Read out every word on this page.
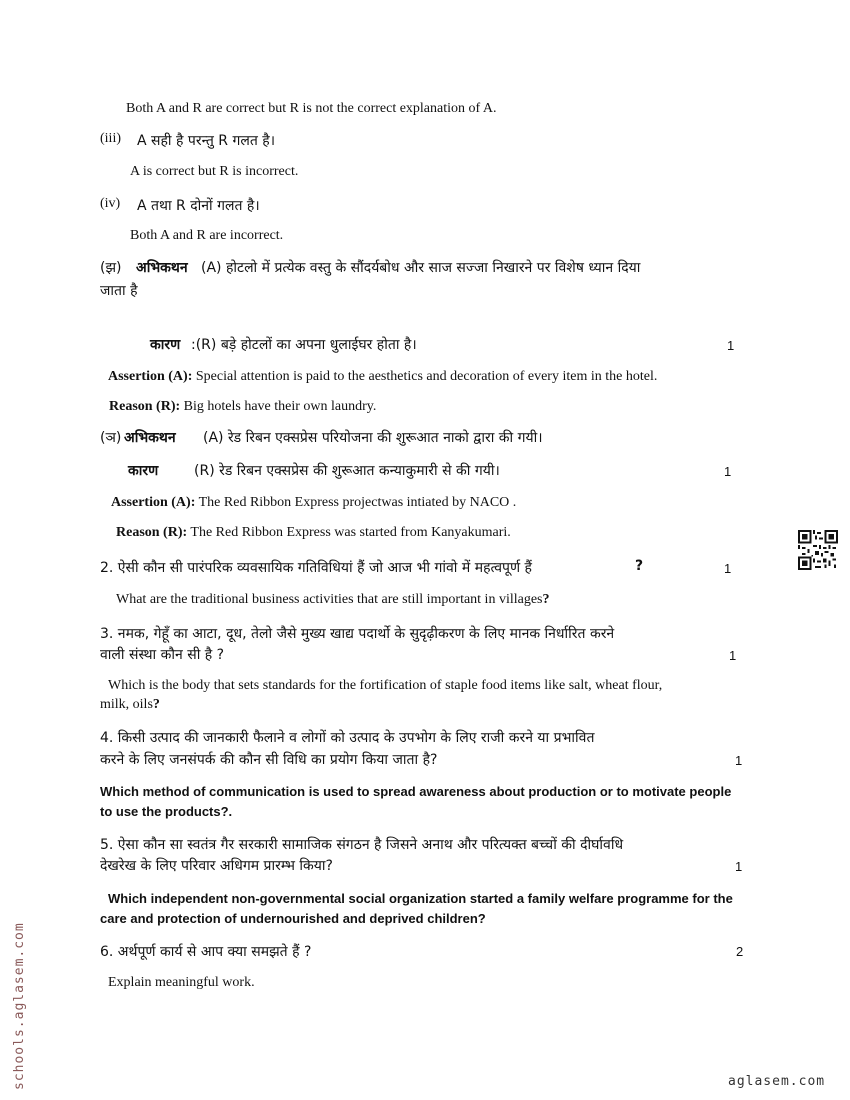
Both A and R are correct but R is not the correct explanation of A.
(iii) A सही है परन्तु R गलत है।
A is correct but R is incorrect.
(iv) A तथा R दोनों गलत है।
Both A and R are incorrect.
(झ) अभिकथन (A) होटलो में प्रत्येक वस्तु के सौंदर्यबोध और साज सज्जा निखारने पर विशेष ध्यान दिया
जाता है
कारण :(R) बड़े होटलों का अपना धुलाईघर होता है।	1
Assertion (A): Special attention is paid to the aesthetics and decoration of every item in the hotel.
Reason (R): Big hotels have their own laundry.
(ञ) अभिकथन (A) रेड रिबन एक्सप्रेस परियोजना की शुरूआत नाको द्वारा की गयी।
कारण	(R) रेड रिबन एक्सप्रेस की शुरूआत कन्याकुमारी से की गयी।	1
Assertion (A): The Red Ribbon Express projectwas intiated by NACO .
Reason (R): The Red Ribbon Express was started from Kanyakumari.
2. ऐसी कौन सी पारंपरिक व्यवसायिक गतिविधियां हैं जो आज भी गांवो में महत्वपूर्ण हैं	?	1
What are the traditional business activities that are still important in villages?
3. नमक, गेहूँ का आटा, दूध, तेलो जैसे मुख्य खाद्य पदार्थो के सुदृढ़ीकरण के लिए मानक निर्धारित करने
वाली संस्था कौन सी है ?	1
Which is the body that sets standards for the fortification of staple food items like salt, wheat flour,
milk, oils?
4. किसी उत्पाद की जानकारी फैलाने व लोगों को उत्पाद के उपभोग के लिए राजी करने या प्रभावित
करने के लिए जनसंपर्क की कौन सी विधि का प्रयोग किया जाता है?	1
Which method of communication is used to spread awareness about production or to motivate people
to use the products?.
5. ऐसा कौन सा स्वतंत्र गैर सरकारी सामाजिक संगठन है जिसने अनाथ और परित्यक्त बच्चों की दीर्घावधि
देखरेख के लिए परिवार अधिगम प्रारम्भ किया?	1
Which independent non-governmental social organization started a family welfare programme for the
care and protection of undernourished and deprived children?
6. अर्थपूर्ण कार्य से आप क्या समझते हैं ?	2
Explain meaningful work.
schools.aglasem.com	aglasem.com
